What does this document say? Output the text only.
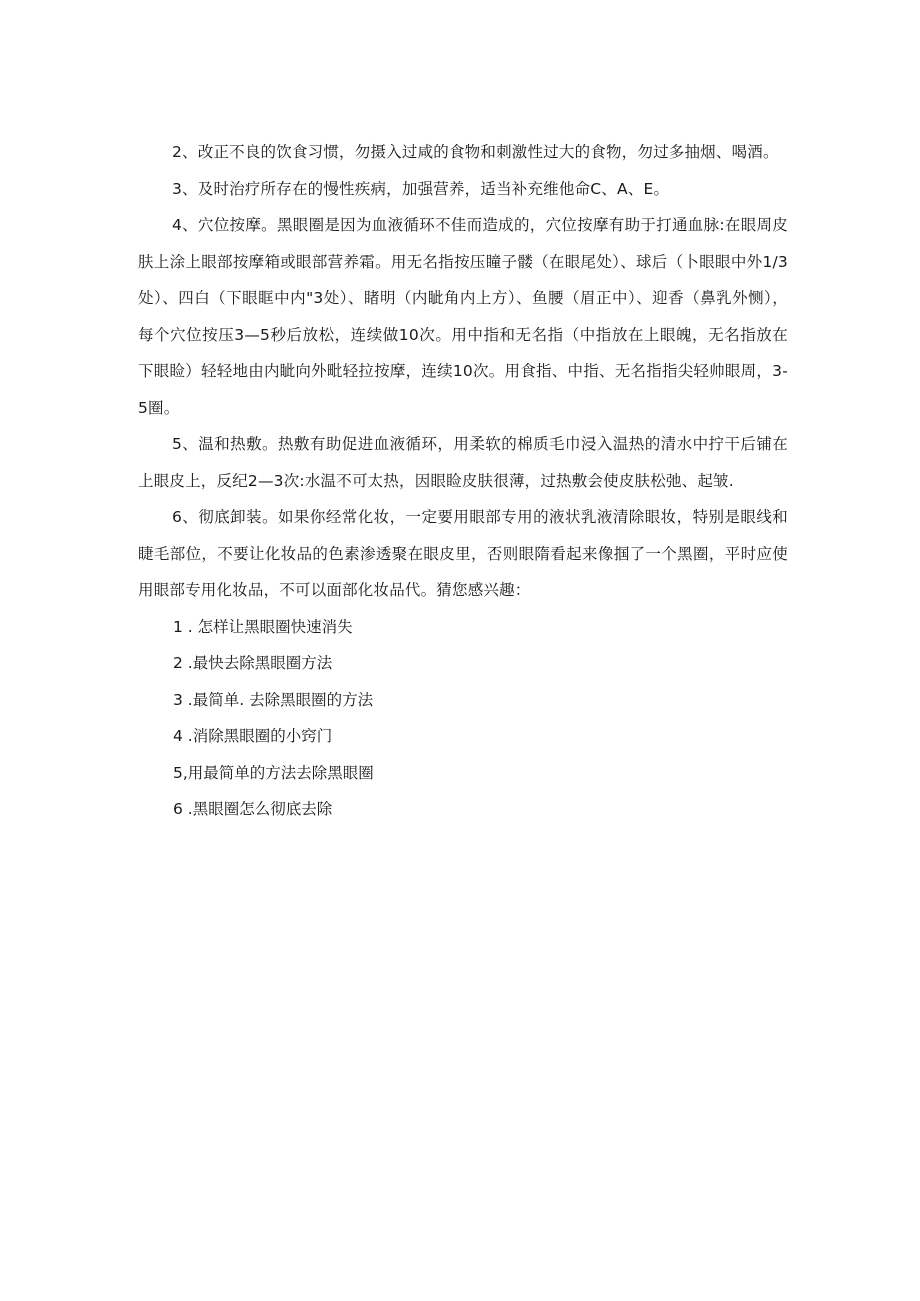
2、改正不良的饮食习惯，勿摄入过咸的食物和刺激性过大的食物，勿过多抽烟、喝酒。

3、及时治疗所存在的慢性疾病，加强营养，适当补充维他命C、A、E。

4、穴位按摩。黑眼圈是因为血液循环不佳而造成的，穴位按摩有助于打通血脉:在眼周皮肤上涂上眼部按摩箱或眼部营养霜。用无名指按压瞳子髅（在眼尾处）、球后（卜眼眼中外1/3处）、四白（下眼眶中内"3处）、睹明（内眦角内上方）、鱼腰（眉正中）、迎香（鼻乳外恻），每个穴位按压3—5秒后放松，连续做10次。用中指和无名指（中指放在上眼魄，无名指放在下眼睑）轻轻地由内眦向外毗轻拉按摩，连续10次。用食指、中指、无名指指尖轻帅眼周，3-5圈。

5、温和热敷。热敷有助促进血液循环，用柔软的棉质毛巾浸入温热的清水中拧干后铺在上眼皮上，反纪2—3次:水温不可太热，因眼睑皮肤很薄，过热敷会使皮肤松弛、起皱.

6、彻底卸装。如果你经常化妆，一定要用眼部专用的液状乳液清除眼妆，特别是眼线和睫毛部位，不要让化妆品的色素渗透聚在眼皮里，否则眼隋看起来像掴了一个黑圈，平时应使用眼部专用化妆品，不可以面部化妆品代。猜您感兴趣：

1 . 怎样让黑眼圈快速消失
2 .最快去除黑眼圈方法
3 .最简单. 去除黑眼圈的方法
4 .消除黑眼圈的小窍门
5,用最简单的方法去除黑眼圈
6 .黑眼圈怎么彻底去除
